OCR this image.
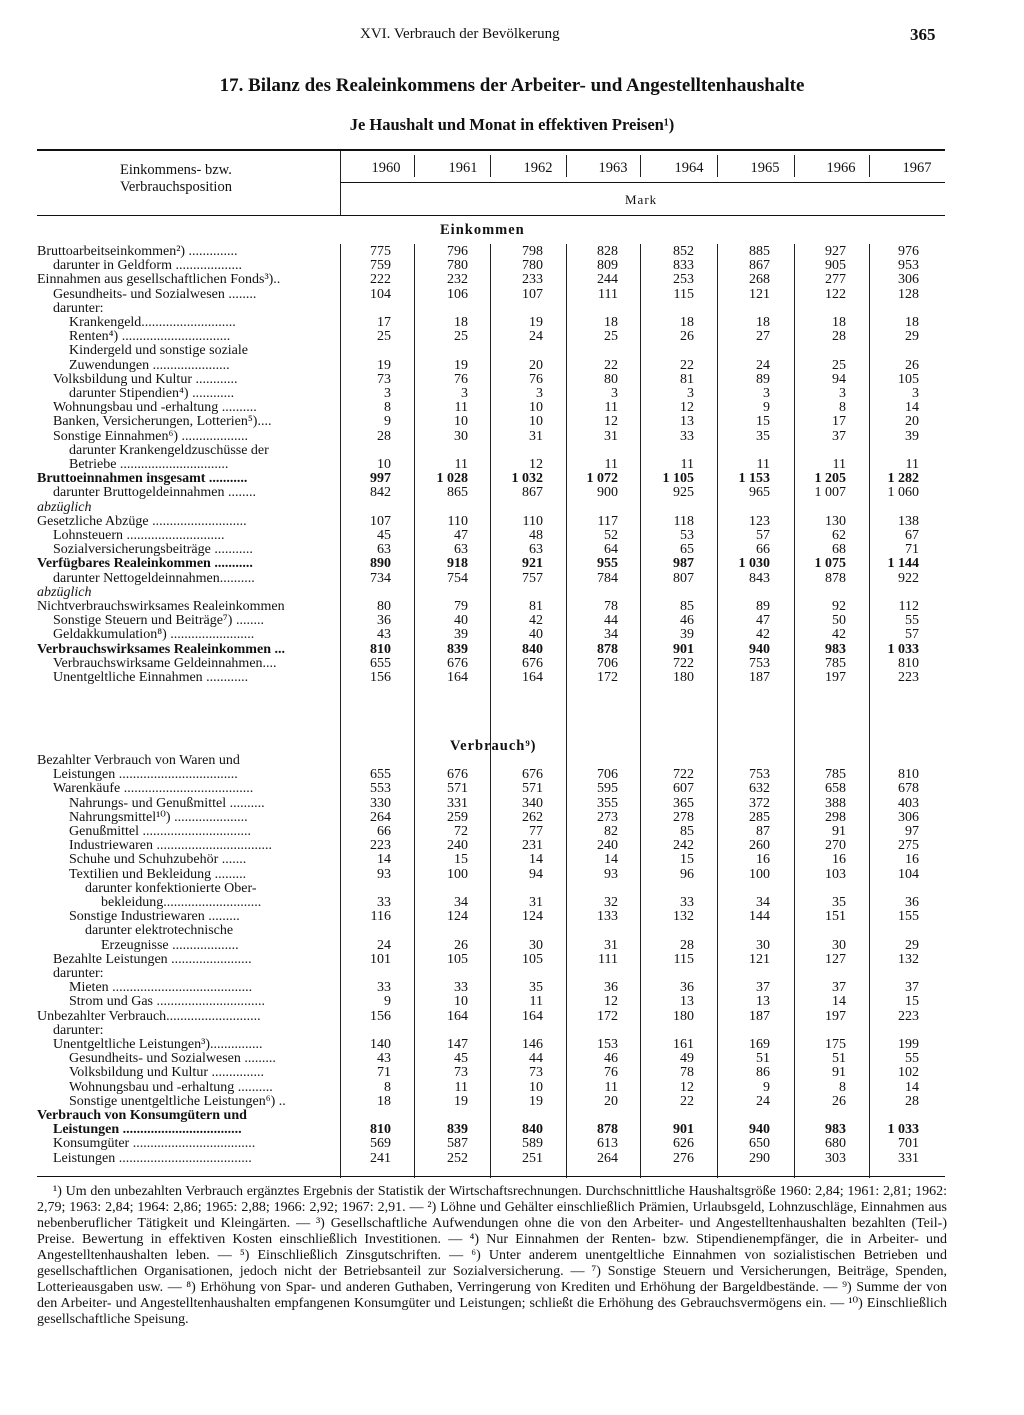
XVI. Verbrauch der Bevölkerung	365
17. Bilanz des Realeinkommens der Arbeiter- und Angestelltenhaushalte
Je Haushalt und Monat in effektiven Preisen¹)
Einkommens- bzw.
Verbrauchsposition
Mark
1960	1961	1962	1963	1964	1965	1966	1967
Einkommen
Bruttoarbeitseinkommen²) ..............	775	796	798	828	852	885	927	976
darunter in Geldform ...................	759	780	780	809	833	867	905	953
Einnahmen aus gesellschaftlichen Fonds³)..	222	232	233	244	253	268	277	306
Gesundheits- und Sozialwesen ........	104	106	107	111	115	121	122	128
darunter:
Krankengeld...........................	17	18	19	18	18	18	18	18
Renten⁴) ...............................	25	25	24	25	26	27	28	29
Kindergeld und sonstige soziale
Zuwendungen ......................	19	19	20	22	22	24	25	26
Volksbildung und Kultur ............	73	76	76	80	81	89	94	105
darunter Stipendien⁴) ............	3	3	3	3	3	3	3	3
Wohnungsbau und -erhaltung ..........	8	11	10	11	12	9	8	14
Banken, Versicherungen, Lotterien⁵)....	9	10	10	12	13	15	17	20
Sonstige Einnahmen⁶) ...................	28	30	31	31	33	35	37	39
darunter Krankengeldzuschüsse der
Betriebe ...............................	10	11	12	11	11	11	11	11
Bruttoeinnahmen insgesamt ...........	997	1 028	1 032	1 072	1 105	1 153	1 205	1 282
darunter Bruttogeldeinnahmen ........	842	865	867	900	925	965	1 007	1 060
abzüglich
Gesetzliche Abzüge ...........................	107	110	110	117	118	123	130	138
Lohnsteuern ............................	45	47	48	52	53	57	62	67
Sozialversicherungsbeiträge ...........	63	63	63	64	65	66	68	71
Verfügbares Realeinkommen ...........	890	918	921	955	987	1 030	1 075	1 144
darunter Nettogeldeinnahmen..........	734	754	757	784	807	843	878	922
abzüglich
Nichtverbrauchswirksames Realeinkommen	80	79	81	78	85	89	92	112
Sonstige Steuern und Beiträge⁷) ........	36	40	42	44	46	47	50	55
Geldakkumulation⁸) ........................	43	39	40	34	39	42	42	57
Verbrauchswirksames Realeinkommen ...	810	839	840	878	901	940	983	1 033
Verbrauchswirksame Geldeinnahmen....	655	676	676	706	722	753	785	810
Unentgeltliche Einnahmen ............	156	164	164	172	180	187	197	223
Verbrauch⁹)
Bezahlter Verbrauch von Waren und
Leistungen ..................................	655	676	676	706	722	753	785	810
Warenkäufe .....................................	553	571	571	595	607	632	658	678
Nahrungs- und Genußmittel ..........	330	331	340	355	365	372	388	403
Nahrungsmittel¹⁰) .....................	264	259	262	273	278	285	298	306
Genußmittel ...............................	66	72	77	82	85	87	91	97
Industriewaren .................................	223	240	231	240	242	260	270	275
Schuhe und Schuhzubehör .......	14	15	14	14	15	16	16	16
Textilien und Bekleidung .........	93	100	94	93	96	100	103	104
darunter konfektionierte Ober-
bekleidung............................	33	34	31	32	33	34	35	36
Sonstige Industriewaren .........	116	124	124	133	132	144	151	155
darunter elektrotechnische
Erzeugnisse ...................	24	26	30	31	28	30	30	29
Bezahlte Leistungen .......................	101	105	105	111	115	121	127	132
darunter:
Mieten ........................................	33	33	35	36	36	37	37	37
Strom und Gas ...............................	9	10	11	12	13	13	14	15
Unbezahlter Verbrauch...........................	156	164	164	172	180	187	197	223
darunter:
Unentgeltliche Leistungen³)...............	140	147	146	153	161	169	175	199
Gesundheits- und Sozialwesen .........	43	45	44	46	49	51	51	55
Volksbildung und Kultur ...............	71	73	73	76	78	86	91	102
Wohnungsbau und -erhaltung ..........	8	11	10	11	12	9	8	14
Sonstige unentgeltliche Leistungen⁶) ..	18	19	19	20	22	24	26	28
Verbrauch von Konsumgütern und
Leistungen ..................................	810	839	840	878	901	940	983	1 033
Konsumgüter ...................................	569	587	589	613	626	650	680	701
Leistungen ......................................	241	252	251	264	276	290	303	331

¹) Um den unbezahlten Verbrauch ergänztes Ergebnis der Statistik der Wirtschaftsrechnungen. Durchschnittliche Haushaltsgröße 1960: 2,84; 1961: 2,81; 1962: 2,79; 1963: 2,84; 1964: 2,86; 1965: 2,88; 1966: 2,92; 1967: 2,91. — ²) Löhne und Gehälter einschließlich Prämien, Urlaubsgeld, Lohnzuschläge, Einnahmen aus nebenberuflicher Tätigkeit und Kleingärten. — ³) Gesellschaftliche Aufwendungen ohne die von den Arbeiter- und Angestelltenhaushalten bezahlten (Teil-) Preise. Bewertung in effektiven Kosten einschließlich Investitionen. — ⁴) Nur Einnahmen der Renten- bzw. Stipendienempfänger, die in Arbeiter- und Angestelltenhaushalten leben. — ⁵) Einschließlich Zinsgutschriften. — ⁶) Unter anderem unentgeltliche Einnahmen von sozialistischen Betrieben und gesellschaftlichen Organisationen, jedoch nicht der Betriebsanteil zur Sozialversicherung. — ⁷) Sonstige Steuern und Versicherungen, Beiträge, Spenden, Lotterieausgaben usw. — ⁸) Erhöhung von Spar- und anderen Guthaben, Verringerung von Krediten und Erhöhung der Bargeldbestände. — ⁹) Summe der von den Arbeiter- und Angestelltenhaushalten empfangenen Konsumgüter und Leistungen; schließt die Erhöhung des Gebrauchsvermögens ein. — ¹⁰) Einschließlich gesellschaftliche Speisung.
